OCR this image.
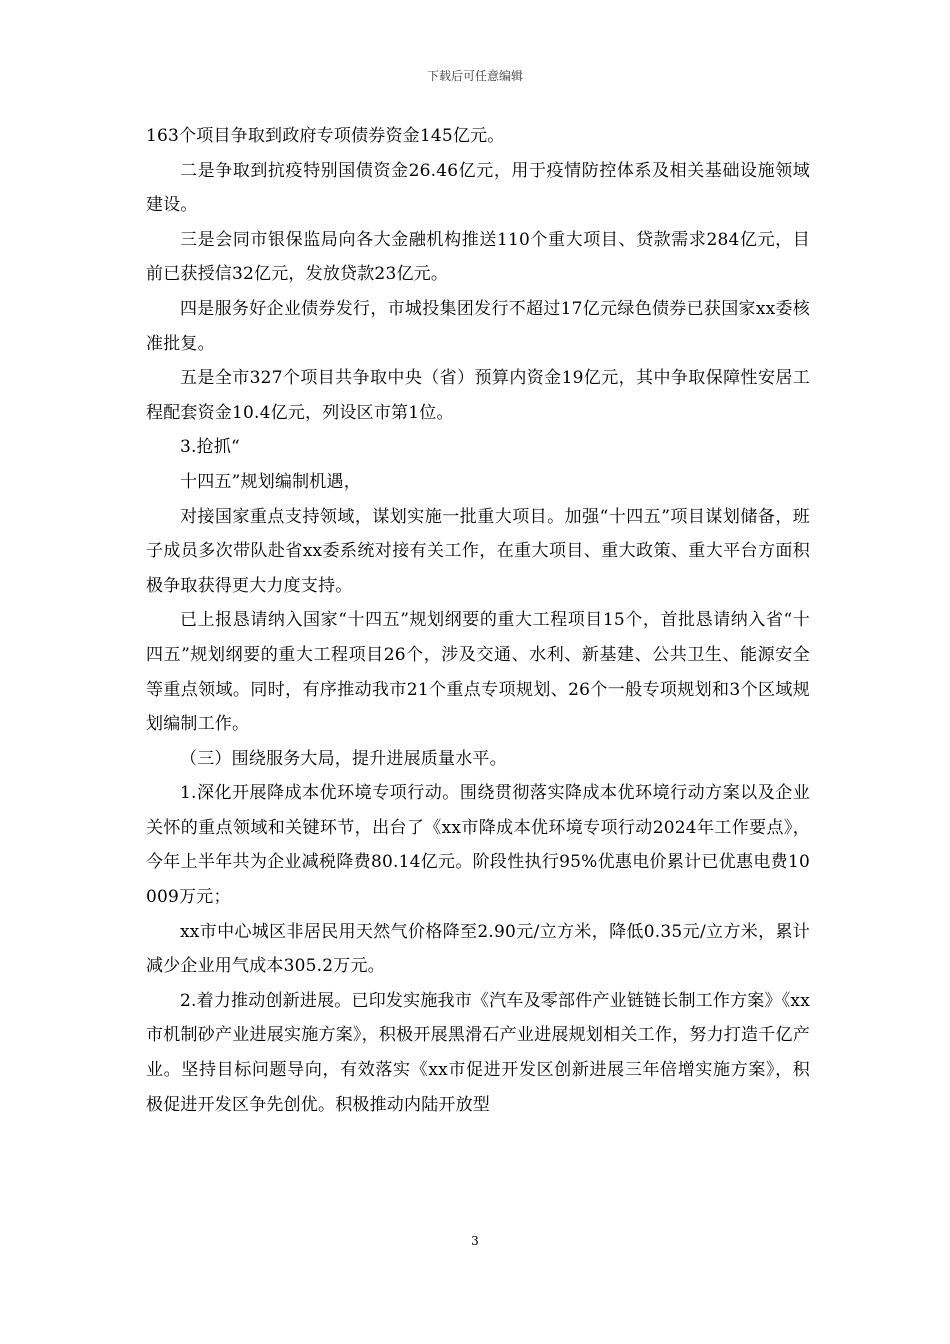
下载后可任意编辑

163个项目争取到政府专项债券资金145亿元。

二是争取到抗疫特别国债资金26.46亿元，用于疫情防控体系及相关基础设施领域建设。

三是会同市银保监局向各大金融机构推送110个重大项目、贷款需求284亿元，目前已获授信32亿元，发放贷款23亿元。

四是服务好企业债券发行，市城投集团发行不超过17亿元绿色债券已获国家xx委核准批复。

五是全市327个项目共争取中央（省）预算内资金19亿元，其中争取保障性安居工程配套资金10.4亿元，列设区市第1位。

3.抢抓“

十四五”规划编制机遇，

对接国家重点支持领域，谋划实施一批重大项目。加强“十四五”项目谋划储备，班子成员多次带队赴省xx委系统对接有关工作，在重大项目、重大政策、重大平台方面积极争取获得更大力度支持。

已上报恳请纳入国家“十四五”规划纲要的重大工程项目15个，首批恳请纳入省“十四五”规划纲要的重大工程项目26个，涉及交通、水利、新基建、公共卫生、能源安全等重点领域。同时，有序推动我市21个重点专项规划、26个一般专项规划和3个区域规划编制工作。

（三）围绕服务大局，提升进展质量水平。

1.深化开展降成本优环境专项行动。围绕贯彻落实降成本优环境行动方案以及企业关怀的重点领域和关键环节，出台了《xx市降成本优环境专项行动2024年工作要点》，今年上半年共为企业减税降费80.14亿元。阶段性执行95%优惠电价累计已优惠电费10009万元；

xx市中心城区非居民用天然气价格降至2.90元/立方米，降低0.35元/立方米，累计减少企业用气成本305.2万元。

2.着力推动创新进展。已印发实施我市《汽车及零部件产业链链长制工作方案》《xx市机制砂产业进展实施方案》，积极开展黑滑石产业进展规划相关工作，努力打造千亿产业。坚持目标问题导向，有效落实《xx市促进开发区创新进展三年倍增实施方案》，积极促进开发区争先创优。积极推动内陆开放型

3
